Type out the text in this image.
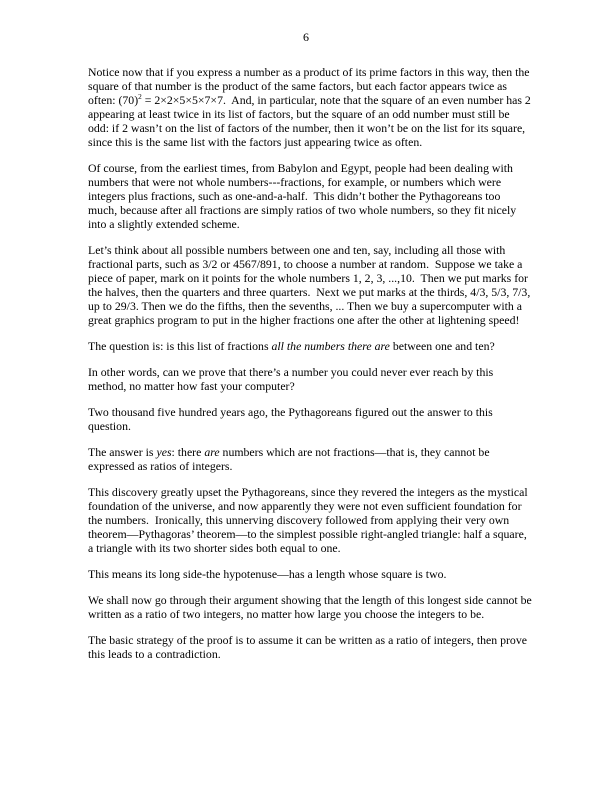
6

Notice now that if you express a number as a product of its prime factors in this way, then the square of that number is the product of the same factors, but each factor appears twice as often: $(70)^2 = 2\times 2\times 5\times 5\times 7\times 7$.  And, in particular, note that the square of an even number has 2 appearing at least twice in its list of factors, but the square of an odd number must still be odd: if 2 wasn’t on the list of factors of the number, then it won’t be on the list for its square, since this is the same list with the factors just appearing twice as often.

Of course, from the earliest times, from Babylon and Egypt, people had been dealing with numbers that were not whole numbers---fractions, for example, or numbers which were integers plus fractions, such as one-and-a-half.  This didn’t bother the Pythagoreans too much, because after all fractions are simply ratios of two whole numbers, so they fit nicely into a slightly extended scheme.

Let’s think about all possible numbers between one and ten, say, including all those with fractional parts, such as 3/2 or 4567/891, to choose a number at random.  Suppose we take a piece of paper, mark on it points for the whole numbers 1, 2, 3, ...,10.  Then we put marks for the halves, then the quarters and three quarters.  Next we put marks at the thirds, 4/3, 5/3, 7/3, up to 29/3. Then we do the fifths, then the sevenths, ... Then we buy a supercomputer with a great graphics program to put in the higher fractions one after the other at lightening speed!

The question is: is this list of fractions all the numbers there are between one and ten?

In other words, can we prove that there’s a number you could never ever reach by this method, no matter how fast your computer?

Two thousand five hundred years ago, the Pythagoreans figured out the answer to this question.

The answer is yes: there are numbers which are not fractions—that is, they cannot be expressed as ratios of integers.

This discovery greatly upset the Pythagoreans, since they revered the integers as the mystical foundation of the universe, and now apparently they were not even sufficient foundation for the numbers.  Ironically, this unnerving discovery followed from applying their very own theorem—Pythagoras’ theorem—to the simplest possible right-angled triangle: half a square, a triangle with its two shorter sides both equal to one.

This means its long side-the hypotenuse—has a length whose square is two.

We shall now go through their argument showing that the length of this longest side cannot be written as a ratio of two integers, no matter how large you choose the integers to be.

The basic strategy of the proof is to assume it can be written as a ratio of integers, then prove this leads to a contradiction.
